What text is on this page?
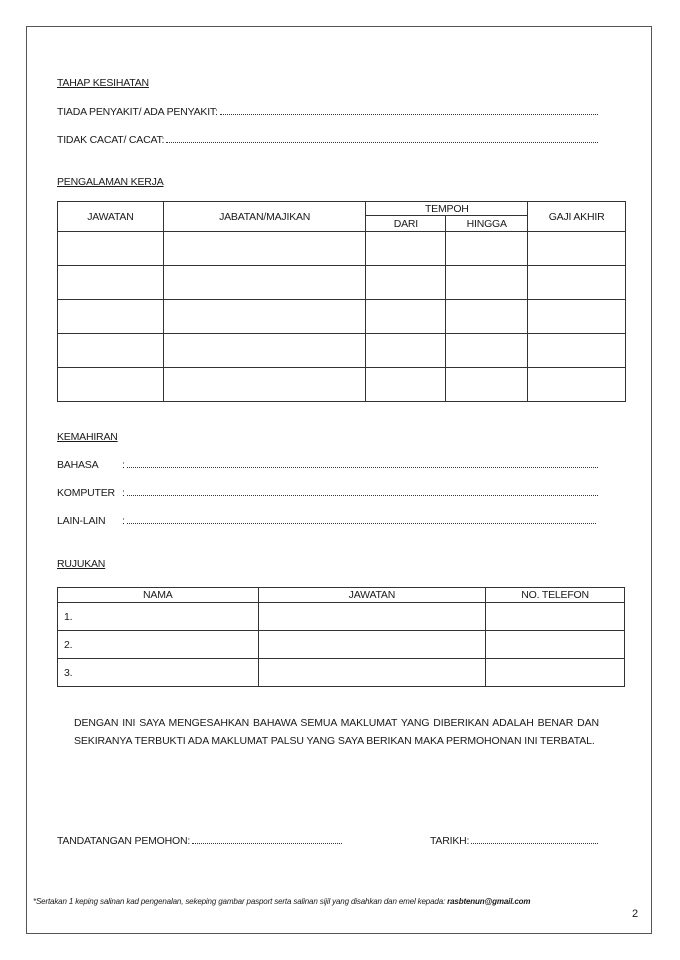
TAHAP KESIHATAN
TIADA PENYAKIT/ ADA PENYAKIT:
TIDAK CACAT/ CACAT:
PENGALAMAN KERJA
JAWATAN	JABATAN/MAJIKAN	TEMPOH		GAJI AKHIR
		DARI	HINGGA	

KEMAHIRAN
BAHASA :
KOMPUTER :
LAIN-LAIN :
RUJUKAN
NAMA	JAWATAN	NO. TELEFON
1.		
2.		
3.		
DENGAN INI SAYA MENGESAHKAN BAHAWA SEMUA MAKLUMAT YANG DIBERIKAN ADALAH BENAR DAN SEKIRANYA TERBUKTI ADA MAKLUMAT PALSU YANG SAYA BERIKAN MAKA PERMOHONAN INI TERBATAL.
TANDATANGAN PEMOHON:	TARIKH:
*Sertakan 1 keping salinan kad pengenalan, sekeping gambar pasport serta salinan sijil yang disahkan dan emel kepada: rasbtenun@gmail.com
2
